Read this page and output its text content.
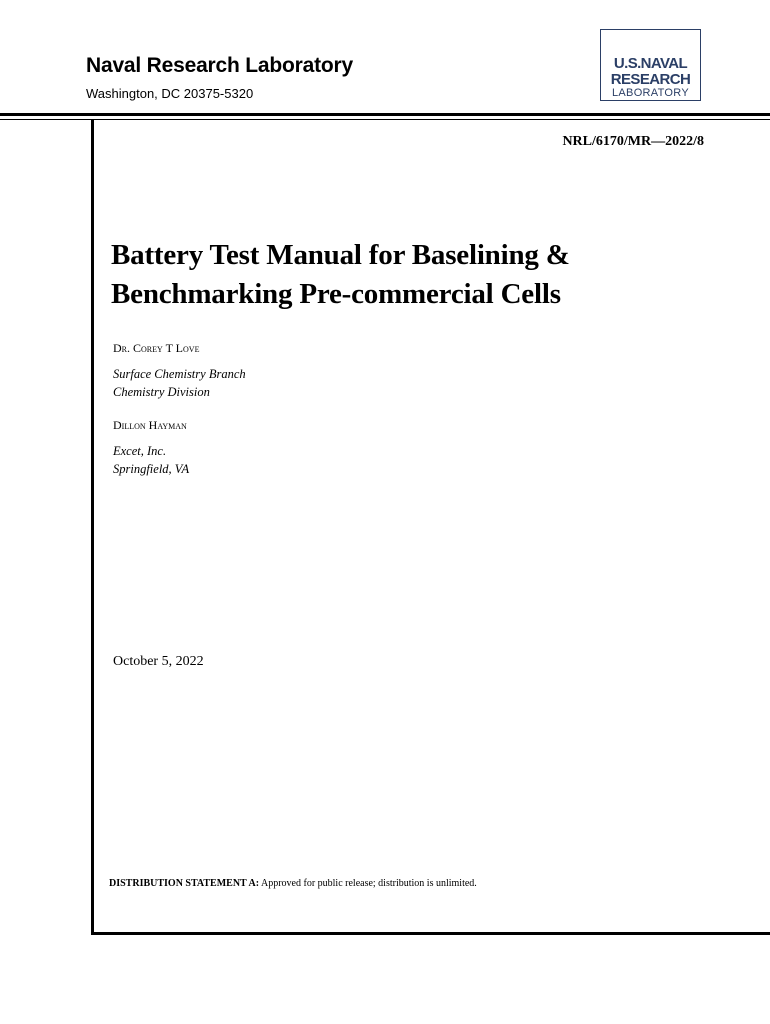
Naval Research Laboratory
Washington, DC 20375-5320
U.S.NAVAL
RESEARCH
LABORATORY
NRL/6170/MR—2022/8
Battery Test Manual for Baselining &
Benchmarking Pre-commercial Cells
Dr. Corey T Love
Surface Chemistry Branch
Chemistry Division
Dillon Hayman
Excet, Inc.
Springfield, VA
October 5, 2022
DISTRIBUTION STATEMENT A: Approved for public release; distribution is unlimited.
